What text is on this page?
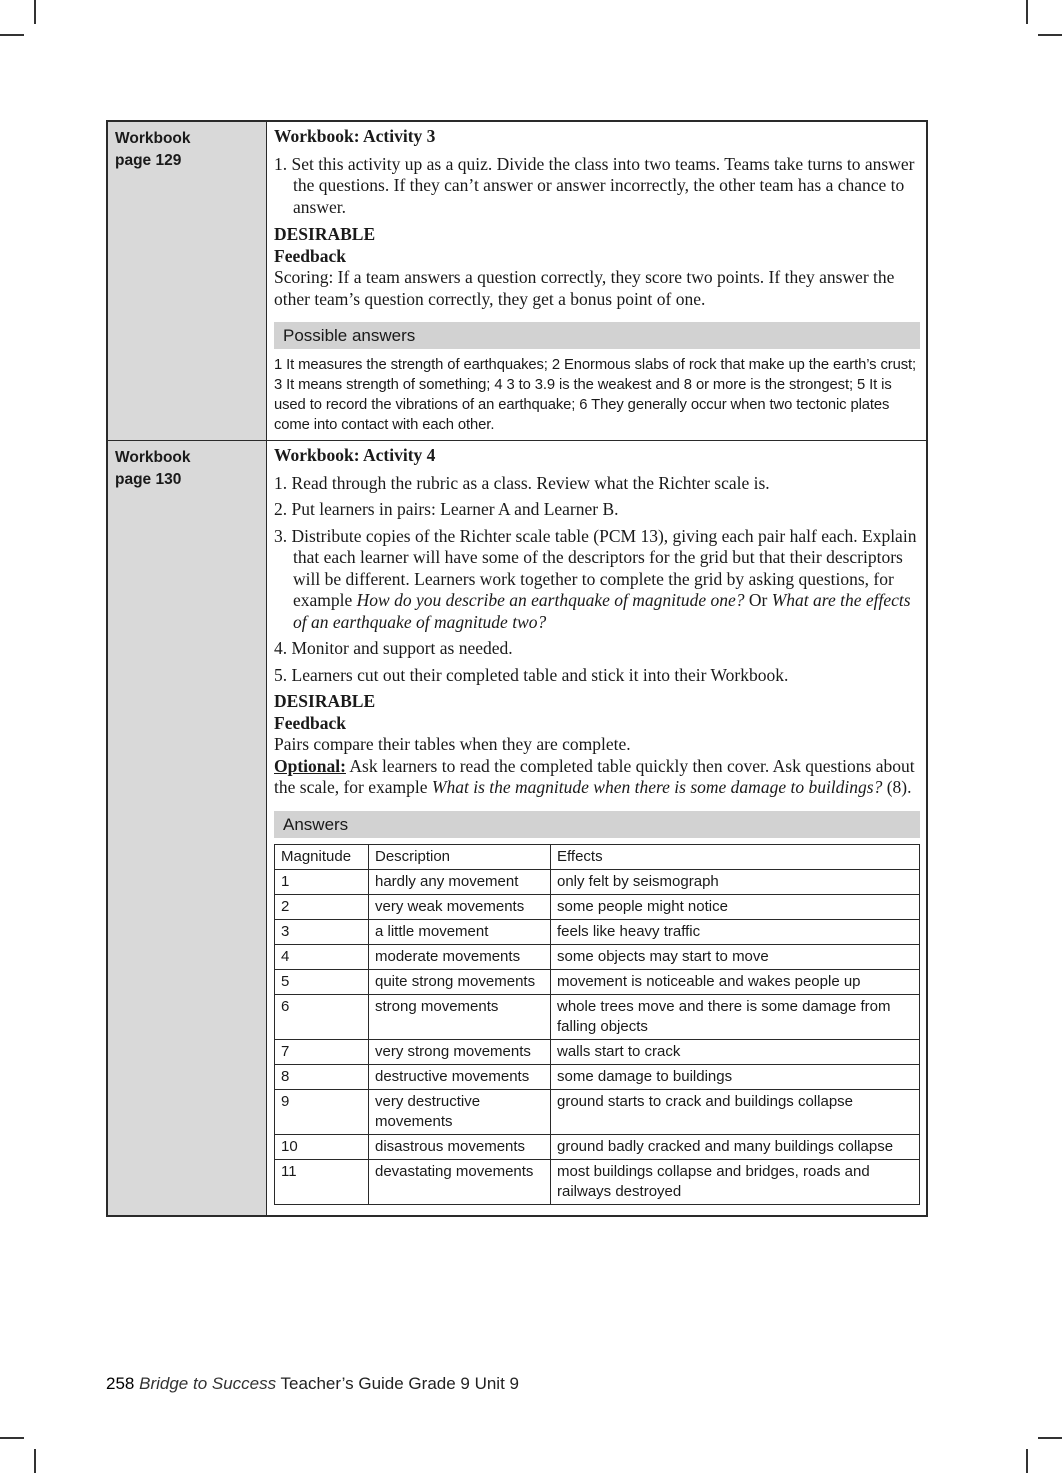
Workbook
page 129

Workbook: Activity 3
1. Set this activity up as a quiz. Divide the class into two teams. Teams take turns to answer the questions. If they can’t answer or answer incorrectly, the other team has a chance to answer.
DESIRABLE
Feedback
Scoring: If a team answers a question correctly, they score two points. If they answer the other team’s question correctly, they get a bonus point of one.
Possible answers
1 It measures the strength of earthquakes; 2 Enormous slabs of rock that make up the earth’s crust; 3 It means strength of something; 4 3 to 3.9 is the weakest and 8 or more is the strongest; 5 It is used to record the vibrations of an earthquake; 6 They generally occur when two tectonic plates come into contact with each other.

Workbook
page 130

Workbook: Activity 4
1. Read through the rubric as a class. Review what the Richter scale is.
2. Put learners in pairs: Learner A and Learner B.
3. Distribute copies of the Richter scale table (PCM 13), giving each pair half each. Explain that each learner will have some of the descriptors for the grid but that their descriptors will be different. Learners work together to complete the grid by asking questions, for example How do you describe an earthquake of magnitude one? Or What are the effects of an earthquake of magnitude two?
4. Monitor and support as needed.
5. Learners cut out their completed table and stick it into their Workbook.
DESIRABLE
Feedback
Pairs compare their tables when they are complete.
Optional: Ask learners to read the completed table quickly then cover. Ask questions about the scale, for example What is the magnitude when there is some damage to buildings? (8).
Answers
Magnitude	Description	Effects
1	hardly any movement	only felt by seismograph
2	very weak movements	some people might notice
3	a little movement	feels like heavy traffic
4	moderate movements	some objects may start to move
5	quite strong movements	movement is noticeable and wakes people up
6	strong movements	whole trees move and there is some damage from falling objects
7	very strong movements	walls start to crack
8	destructive movements	some damage to buildings
9	very destructive movements	ground starts to crack and buildings collapse
10	disastrous movements	ground badly cracked and many buildings collapse
11	devastating movements	most buildings collapse and bridges, roads and railways destroyed
258 Bridge to Success Teacher’s Guide Grade 9 Unit 9
